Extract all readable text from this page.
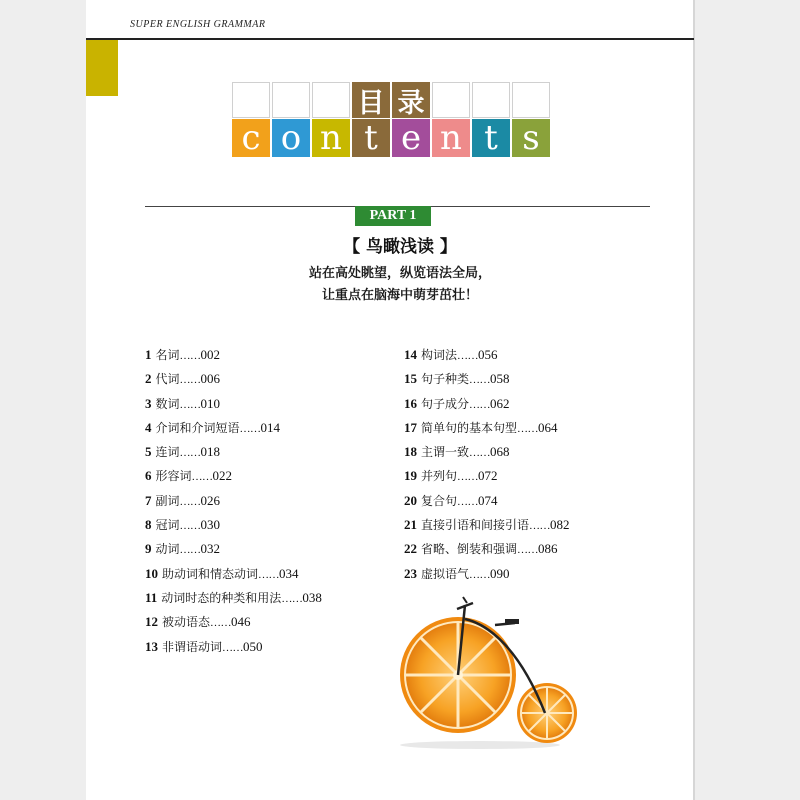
SUPER ENGLISH GRAMMAR
目 录
c o n t e n t s
PART 1
【 鸟瞰浅读 】
站在高处眺望，纵览语法全局，
让重点在脑海中萌芽茁壮！
1 名词……002
2 代词……006
3 数词……010
4 介词和介词短语……014
5 连词……018
6 形容词……022
7 副词……026
8 冠词……030
9 动词……032
10 助动词和情态动词……034
11 动词时态的种类和用法……038
12 被动语态……046
13 非谓语动词……050
14 构词法……056
15 句子种类……058
16 句子成分……062
17 简单句的基本句型……064
18 主谓一致……068
19 并列句……072
20 复合句……074
21 直接引语和间接引语……082
22 省略、倒装和强调……086
23 虚拟语气……090
